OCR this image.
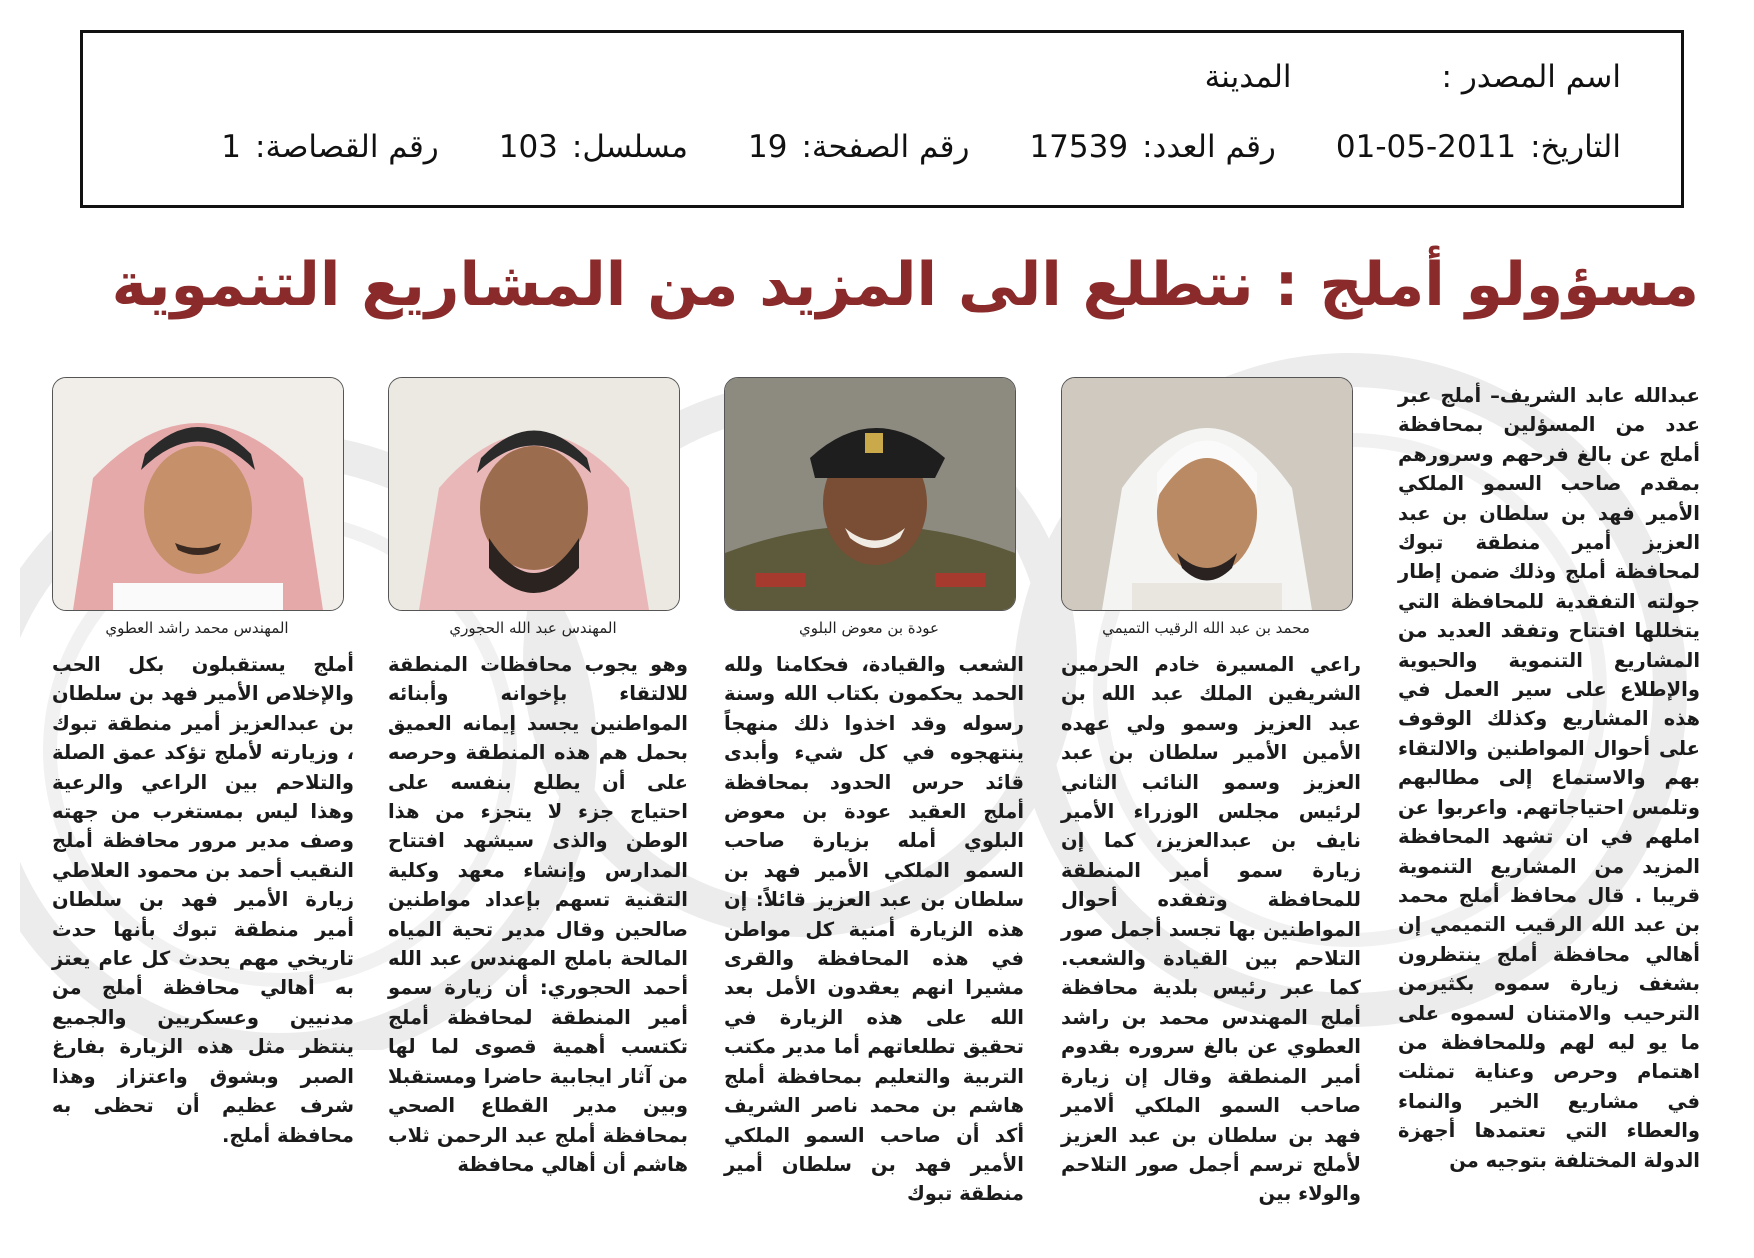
اسم المصدر :
المدينة
التاريخ:2011-05-01
رقم العدد:17539
رقم الصفحة:19
مسلسل:103
رقم القصاصة:1
مسؤولو أملج : نتطلع الى المزيد من المشاريع التنموية
محمد بن عبد الله الرقيب التميمي
عودة بن معوض البلوي
المهندس عبد الله الحجوري
المهندس محمد راشد العطوي

عبدالله عابد الشريف– أملج عبر عدد من المسؤلين بمحافظة أملج عن بالغ فرحهم وسرورهم بمقدم صاحب السمو الملكي الأمير فهد بن سلطان بن عبد العزيز أمير منطقة تبوك لمحافظة أملج وذلك ضمن إطار جولته التفقدية للمحافظة التي يتخللها افتتاح وتفقد العديد من المشاريع التنموية والحيوية والإطلاع على سير العمل في هذه المشاريع وكذلك الوقوف على أحوال المواطنين والالتقاء بهم والاستماع إلى مطالبهم وتلمس احتياجاتهم. واعربوا عن املهم في ان تشهد المحافظة المزيد من المشاريع التنموية قريبا . قال محافظ أملج محمد بن عبد الله الرقيب التميمي إن أهالي محافظة أملج ينتظرون بشغف زيارة سموه بكثيرمن الترحيب والامتنان لسموه على ما يو ليه لهم وللمحافظة من اهتمام وحرص وعناية تمثلت في مشاريع الخير والنماء والعطاء التي تعتمدها أجهزة الدولة المختلفة بتوجيه من

راعي المسيرة خادم الحرمين الشريفين الملك عبد الله بن عبد العزيز وسمو ولي عهده الأمين الأمير سلطان بن عبد العزيز وسمو النائب الثاني لرئيس مجلس الوزراء الأمير نايف بن عبدالعزيز، كما إن زيارة سمو أمير المنطقة للمحافظة وتفقده أحوال المواطنين بها تجسد أجمل صور التلاحم بين القيادة والشعب. كما عبر رئيس بلدية محافظة أملج المهندس محمد بن راشد العطوي عن بالغ سروره بقدوم أمير المنطقة وقال إن زيارة صاحب السمو الملكي ألامير فهد بن سلطان بن عبد العزيز لأملج ترسم أجمل صور التلاحم والولاء بين

الشعب والقيادة، فحكامنا ولله الحمد يحكمون بكتاب الله وسنة رسوله وقد اخذوا ذلك منهجاً ينتهجوه في كل شيء وأبدى قائد حرس الحدود بمحافظة أملج العقيد عودة بن معوض البلوي أمله بزيارة صاحب السمو الملكي الأمير فهد بن سلطان بن عبد العزيز قائلاً: إن هذه الزيارة أمنية كل مواطن في هذه المحافظة والقرى مشيرا انهم يعقدون الأمل بعد الله على هذه الزيارة في تحقيق تطلعاتهم أما مدير مكتب التربية والتعليم بمحافظة أملج هاشم بن محمد ناصر الشريف أكد أن صاحب السمو الملكي الأمير فهد بن سلطان أمير منطقة تبوك

وهو يجوب محافظات المنطقة للالتقاء بإخوانه وأبنائه المواطنين يجسد إيمانه العميق بحمل هم هذه المنطقة وحرصه على أن يطلع بنفسه على احتياج جزء لا يتجزء من هذا الوطن والذى سيشهد افتتاح المدارس وإنشاء معهد وكلية التقنية تسهم بإعداد مواطنين صالحين وقال مدير تحية المياه المالحة باملج المهندس عبد الله أحمد الحجوري: أن زيارة سمو أمير المنطقة لمحافظة أملج تكتسب أهمية قصوى لما لها من آثار ايجابية حاضرا ومستقبلا وبين مدير القطاع الصحي بمحافظة أملج عبد الرحمن ثلاب هاشم أن أهالي محافظة

أملج يستقبلون بكل الحب والإخلاص الأمير فهد بن سلطان بن عبدالعزيز أمير منطقة تبوك ، وزيارته لأملج تؤكد عمق الصلة والتلاحم بين الراعي والرعية وهذا ليس بمستغرب من جهته وصف مدير مرور محافظة أملج النقيب أحمد بن محمود العلاطي زيارة الأمير فهد بن سلطان أمير منطقة تبوك بأنها حدث تاريخي مهم يحدث كل عام يعتز به أهالي محافظة أملج من مدنيين وعسكريين والجميع ينتظر مثل هذه الزيارة بفارغ الصبر وبشوق واعتزاز وهذا شرف عظيم أن تحظى به محافظة أملج.
